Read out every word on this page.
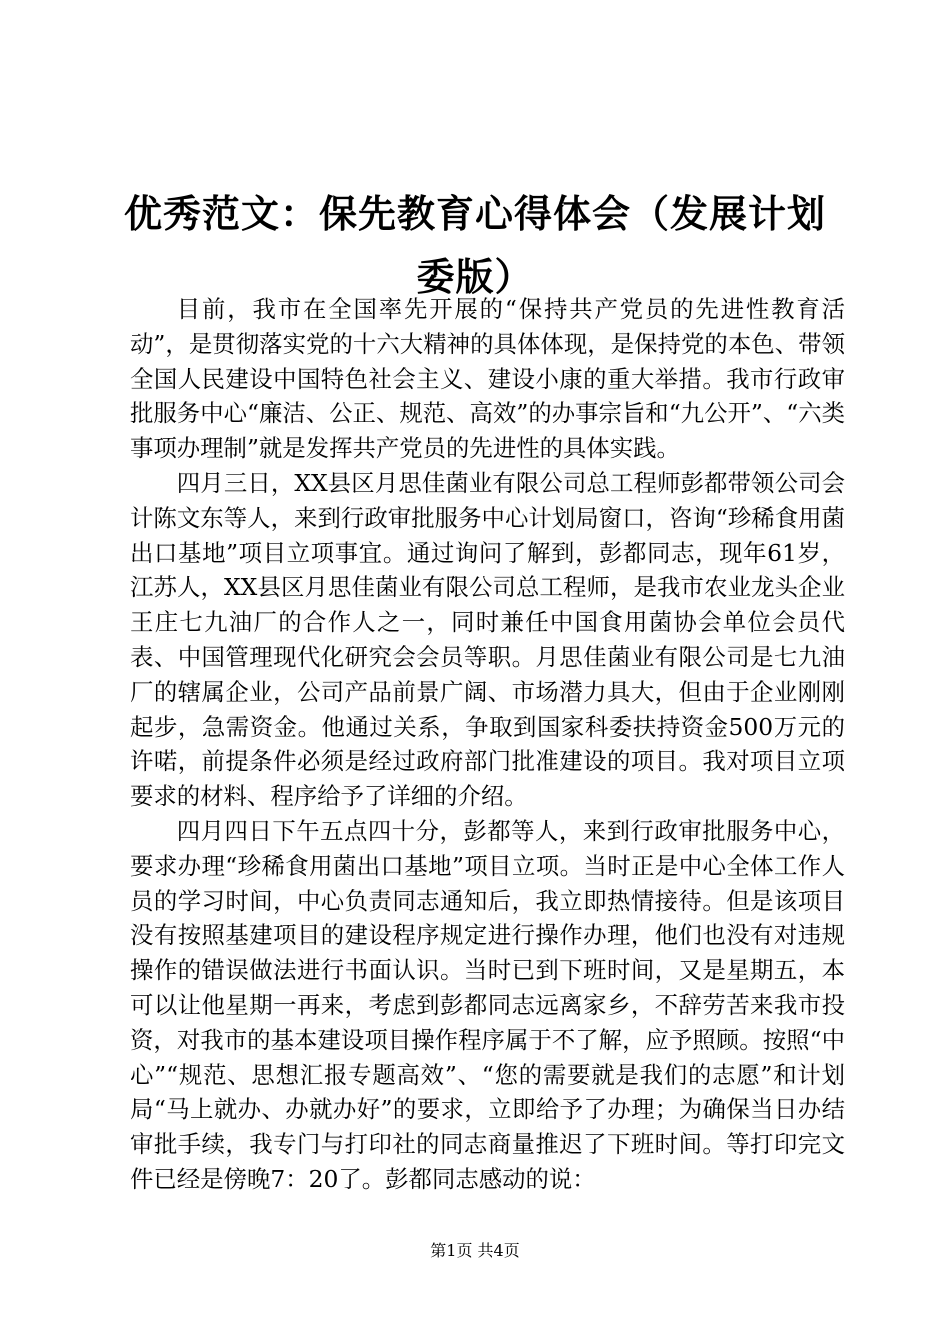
优秀范文：保先教育心得体会（发展计划委版）

目前，我市在全国率先开展的“保持共产党员的先进性教育活动”，是贯彻落实党的十六大精神的具体体现，是保持党的本色、带领全国人民建设中国特色社会主义、建设小康的重大举措。我市行政审批服务中心“廉洁、公正、规范、高效”的办事宗旨和“九公开”、“六类事项办理制”就是发挥共产党员的先进性的具体实践。

四月三日，XX县区月思佳菌业有限公司总工程师彭都带领公司会计陈文东等人，来到行政审批服务中心计划局窗口，咨询“珍稀食用菌出口基地”项目立项事宜。通过询问了解到，彭都同志，现年61岁，江苏人，XX县区月思佳菌业有限公司总工程师，是我市农业龙头企业王庄七九油厂的合作人之一，同时兼任中国食用菌协会单位会员代表、中国管理现代化研究会会员等职。月思佳菌业有限公司是七九油厂的辖属企业，公司产品前景广阔、市场潜力具大，但由于企业刚刚起步，急需资金。他通过关系，争取到国家科委扶持资金500万元的许喏，前提条件必须是经过政府部门批准建设的项目。我对项目立项要求的材料、程序给予了详细的介绍。

四月四日下午五点四十分，彭都等人，来到行政审批服务中心，要求办理“珍稀食用菌出口基地”项目立项。当时正是中心全体工作人员的学习时间，中心负责同志通知后，我立即热情接待。但是该项目没有按照基建项目的建设程序规定进行操作办理，他们也没有对违规操作的错误做法进行书面认识。当时已到下班时间，又是星期五，本可以让他星期一再来，考虑到彭都同志远离家乡，不辞劳苦来我市投资，对我市的基本建设项目操作程序属于不了解，应予照顾。按照“中心”“规范、思想汇报专题高效”、“您的需要就是我们的志愿”和计划局“马上就办、办就办好”的要求，立即给予了办理；为确保当日办结审批手续，我专门与打印社的同志商量推迟了下班时间。等打印完文件已经是傍晚7：20了。彭都同志感动的说：

第1页 共4页
